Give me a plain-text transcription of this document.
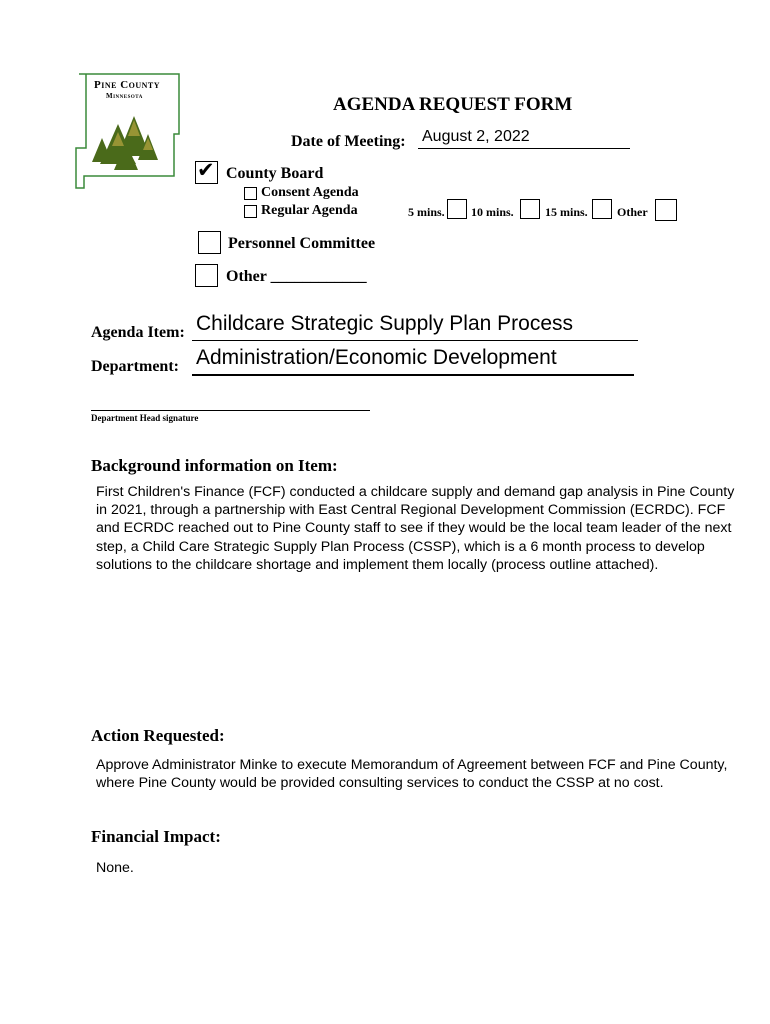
Pine County
Minnesota	AGENDA REQUEST FORM
Date of Meeting: August 2, 2022
✔ County Board
Consent Agenda
Regular Agenda	5 mins. 10 mins.	15 mins. Other
Personnel Committee
Other ____________
Agenda Item: Childcare Strategic Supply Plan Process
Department: Administration/Economic Development
Department Head signature
Background information on Item:
First Children's Finance (FCF) conducted a childcare supply and demand gap analysis in Pine County in 2021, through a partnership with East Central Regional Development Commission (ECRDC). FCF and ECRDC reached out to Pine County staff to see if they would be the local team leader of the next step, a Child Care Strategic Supply Plan Process (CSSP), which is a 6 month process to develop solutions to the childcare shortage and implement them locally (process outline attached).
Action Requested:
Approve Administrator Minke to execute Memorandum of Agreement between FCF and Pine County, where Pine County would be provided consulting services to conduct the CSSP at no cost.
Financial Impact:
None.
